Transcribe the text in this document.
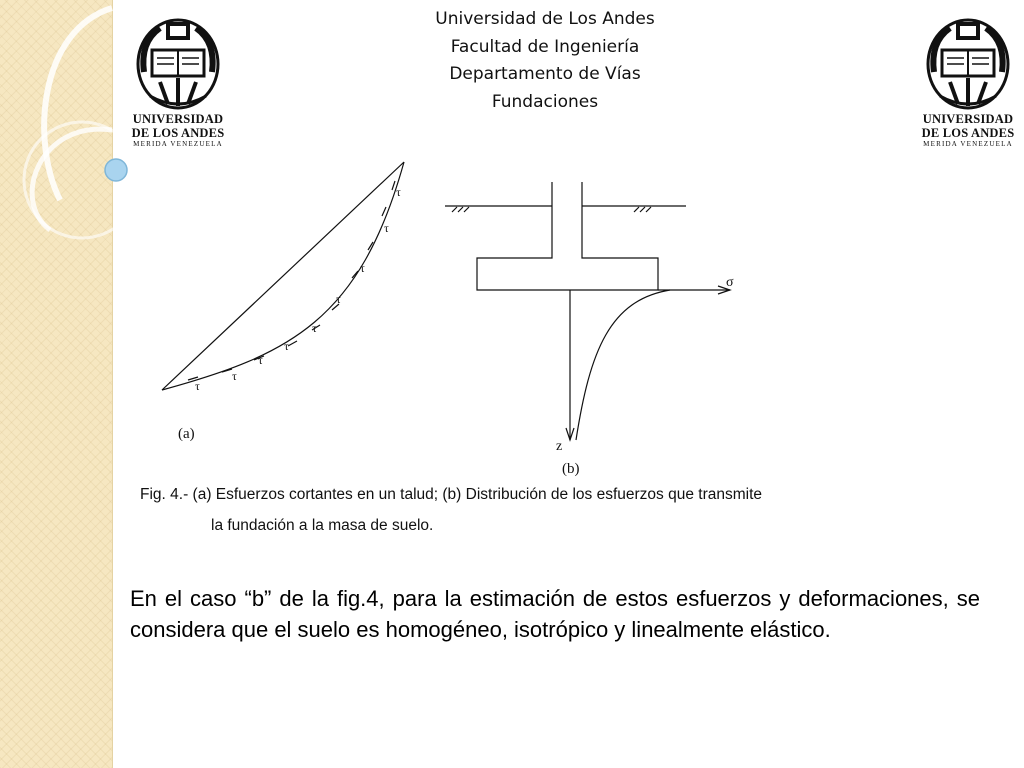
UNIVERSIDAD
DE LOS ANDES
MERIDA VENEZUELA
UNIVERSIDAD
DE LOS ANDES
MERIDA VENEZUELA
Universidad de Los Andes
Facultad de Ingeniería
Departamento de Vías
Fundaciones
τ
τ
τ
τ
τ
τ
τ
τ
τ
σ
z
(a)
(b)
Fig. 4.- (a) Esfuerzos cortantes en un talud; (b) Distribución de los esfuerzos que transmite
la fundación a la masa de suelo.
En el caso “b” de la fig.4, para la estimación de estos esfuerzos y deformaciones, se considera que el suelo es homogéneo, isotrópico y linealmente elástico.
